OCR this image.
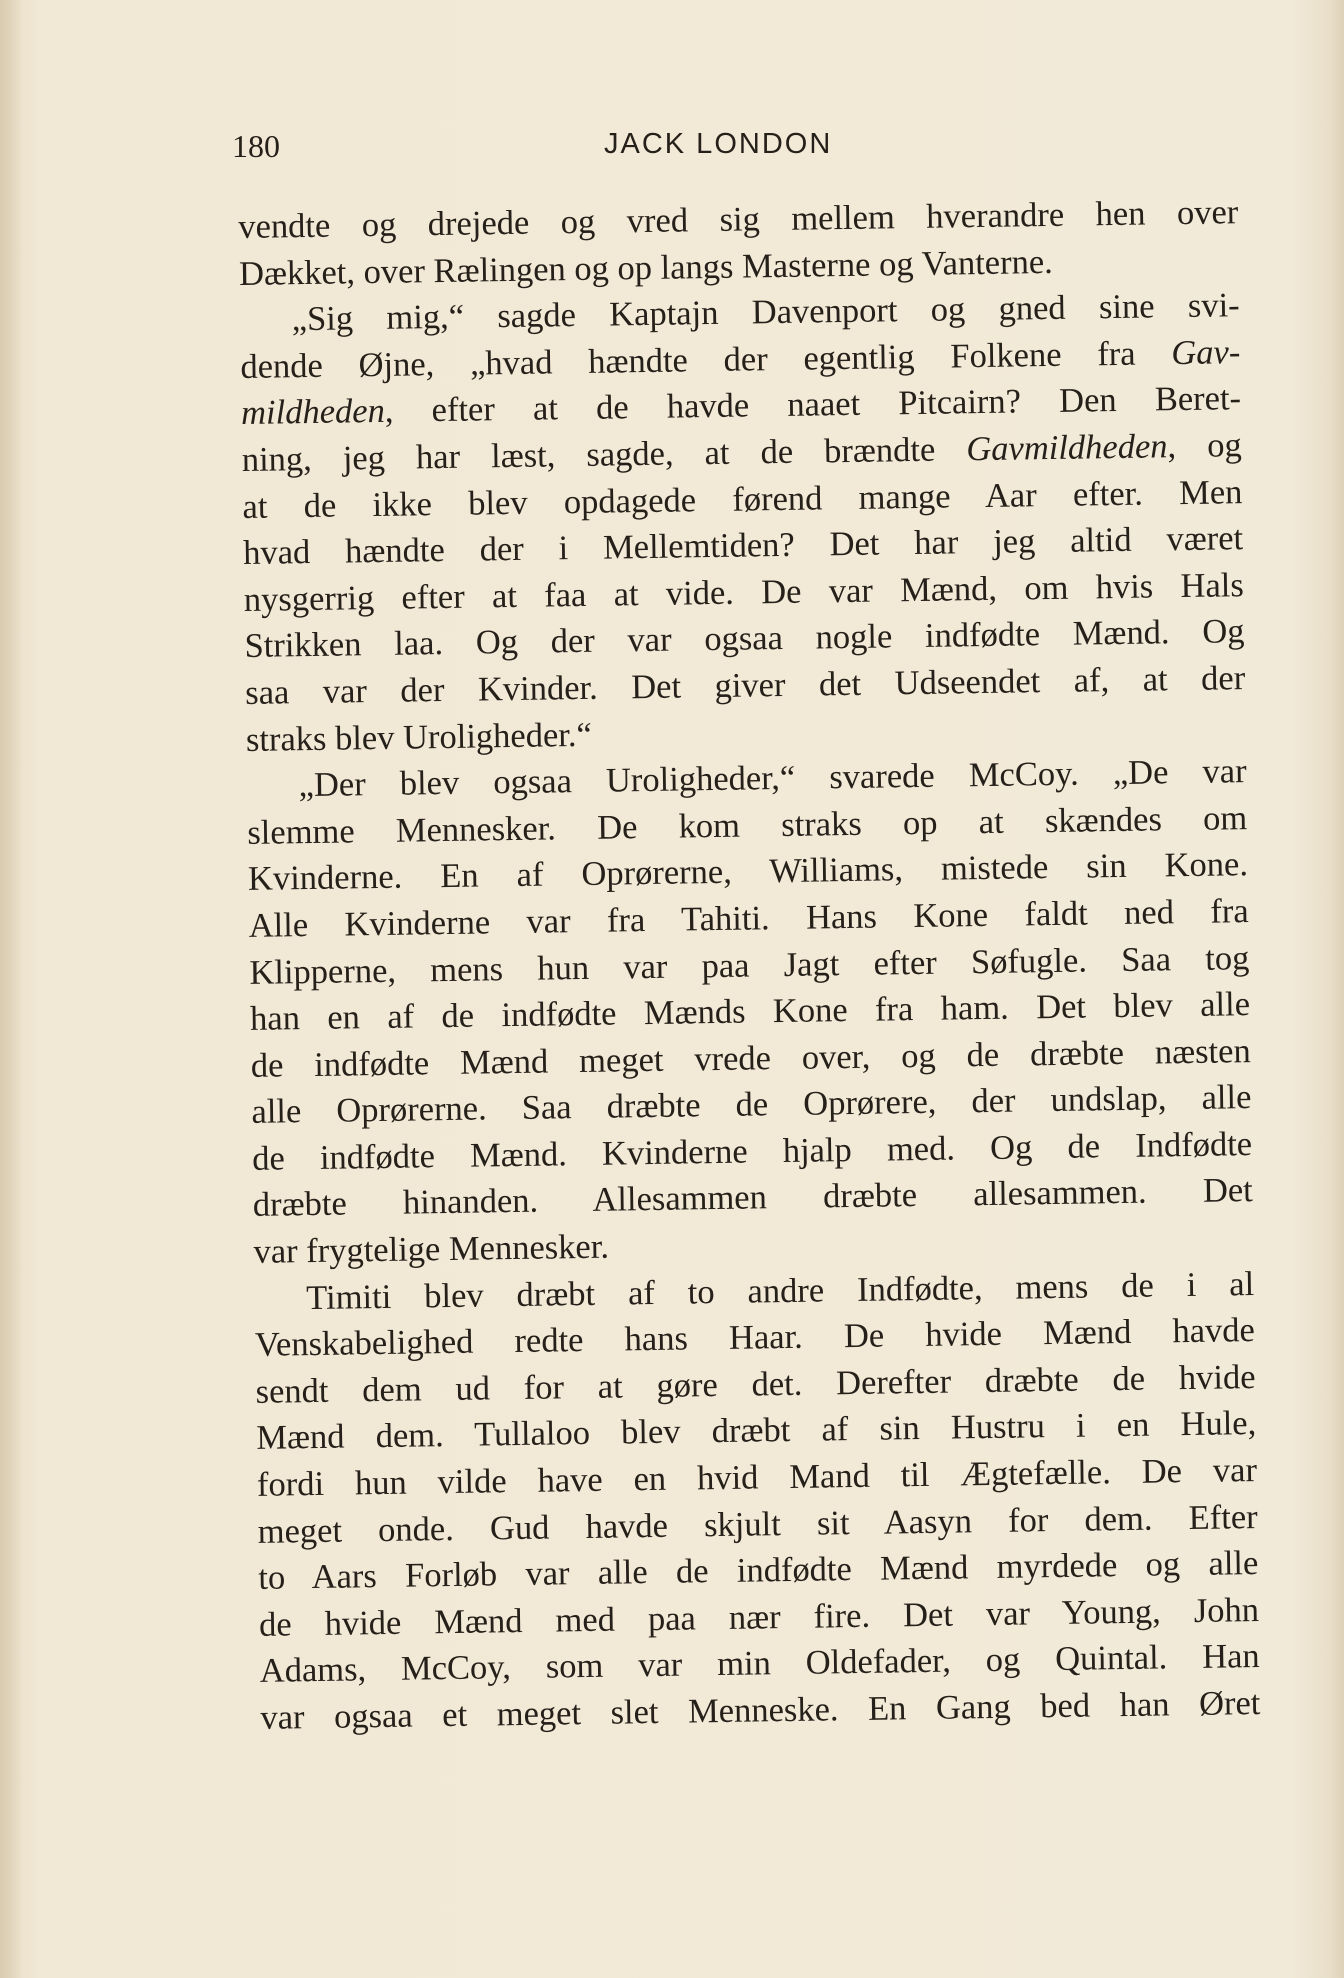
180	JACK LONDON
vendte og drejede og vred sig mellem hverandre hen over
Dækket, over Rælingen og op langs Masterne og Vanterne.
„Sig mig,“ sagde Kaptajn Davenport og gned sine svi-
dende Øjne, „hvad hændte der egentlig Folkene fra Gav-
mildheden, efter at de havde naaet Pitcairn? Den Beret-
ning, jeg har læst, sagde, at de brændte Gavmildheden, og
at de ikke blev opdagede førend mange Aar efter. Men
hvad hændte der i Mellemtiden? Det har jeg altid været
nysgerrig efter at faa at vide. De var Mænd, om hvis Hals
Strikken laa. Og der var ogsaa nogle indfødte Mænd. Og
saa var der Kvinder. Det giver det Udseendet af, at der
straks blev Uroligheder.“
„Der blev ogsaa Uroligheder,“ svarede McCoy. „De var
slemme Mennesker. De kom straks op at skændes om
Kvinderne. En af Oprørerne, Williams, mistede sin Kone.
Alle Kvinderne var fra Tahiti. Hans Kone faldt ned fra
Klipperne, mens hun var paa Jagt efter Søfugle. Saa tog
han en af de indfødte Mænds Kone fra ham. Det blev alle
de indfødte Mænd meget vrede over, og de dræbte næsten
alle Oprørerne. Saa dræbte de Oprørere, der undslap, alle
de indfødte Mænd. Kvinderne hjalp med. Og de Indfødte
dræbte hinanden. Allesammen dræbte allesammen. Det
var frygtelige Mennesker.
Timiti blev dræbt af to andre Indfødte, mens de i al
Venskabelighed redte hans Haar. De hvide Mænd havde
sendt dem ud for at gøre det. Derefter dræbte de hvide
Mænd dem. Tullaloo blev dræbt af sin Hustru i en Hule,
fordi hun vilde have en hvid Mand til Ægtefælle. De var
meget onde. Gud havde skjult sit Aasyn for dem. Efter
to Aars Forløb var alle de indfødte Mænd myrdede og alle
de hvide Mænd med paa nær fire. Det var Young, John
Adams, McCoy, som var min Oldefader, og Quintal. Han
var ogsaa et meget slet Menneske. En Gang bed han Øret
